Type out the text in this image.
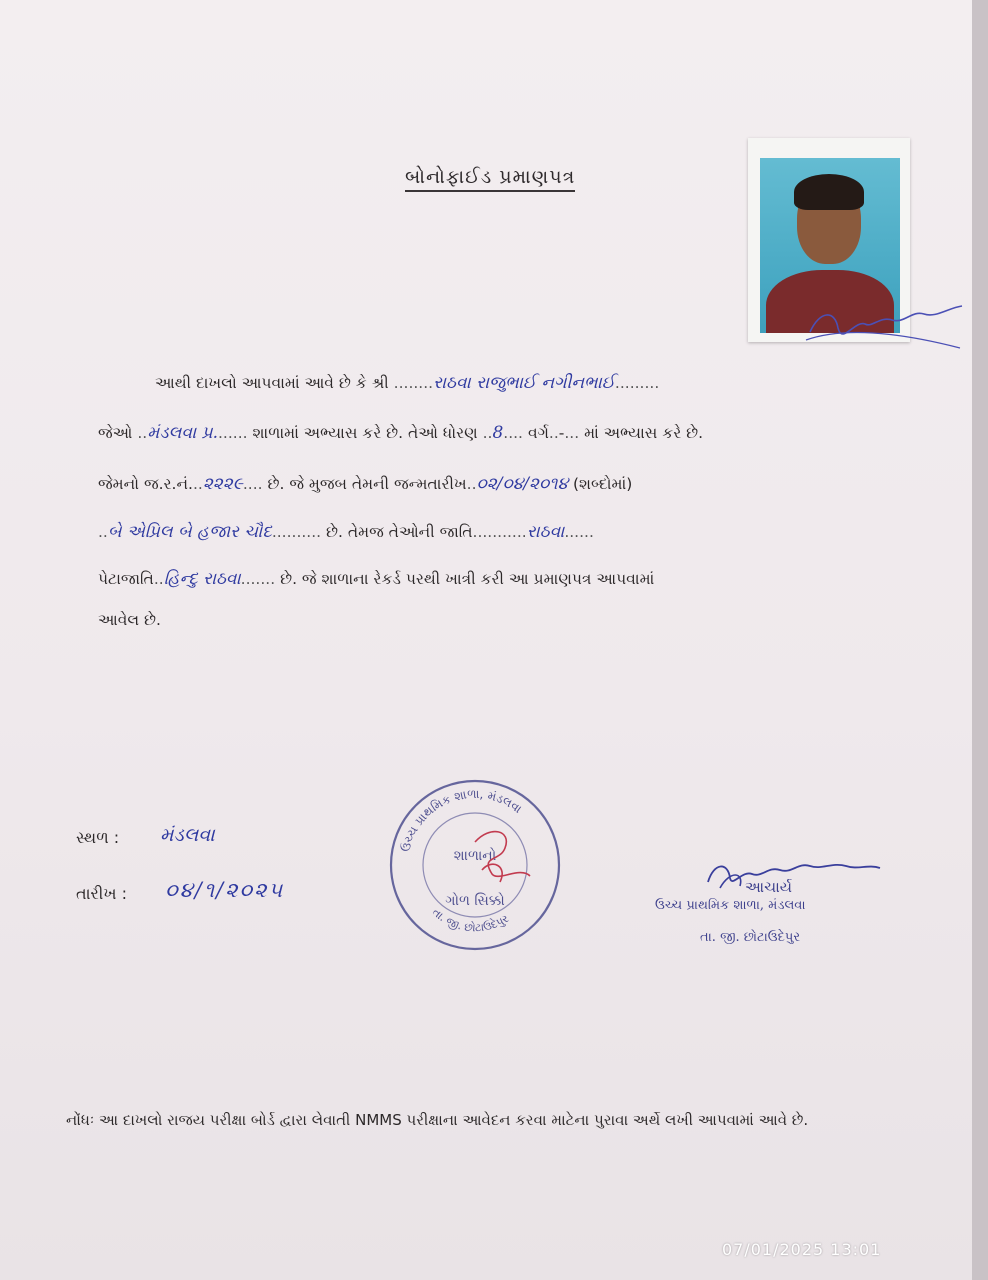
બોનોફાઈડ પ્રમાણપત્ર
આથી દાખલો આપવામાં આવે છે કે શ્રી ........રાઠવા રાજુભાઈ નગીનભાઈ.........
જેઓ ..મંડલવા પ્ર....... શાળામાં અભ્યાસ કરે છે. તેઓ ધોરણ ..8.... વર્ગ..-... માં અભ્યાસ કરે છે.
જેમનો જ.ર.નં...૨૨૨૯.... છે. જે મુજબ તેમની જન્મતારીખ..૦૨/૦૪/૨૦૧૪ (શબ્દોમાં)
..બે એપ્રિલ બે હજાર ચૌદ.......... છે. તેમજ તેઓની જાતિ...........રાઠવા......
પેટાજાતિ..હિન્દુ રાઠવા....... છે. જે શાળાના રેકર્ડ પરથી ખાત્રી કરી આ પ્રમાણપત્ર આપવામાં
આવેલ છે.
સ્થળ : મંડલવા
તારીખ : ૦૪/૧/૨૦૨૫
ઉચ્ચ પ્રાથમિક શાળા, મંડલવા
તા. જી. છોટાઉદેપુર
શાળાનો
ગોળ સિક્કો
આચાર્ય
ઉચ્ચ પ્રાથમિક શાળા, મંડલવા
તા. જી. છોટાઉદેપુર
નોંધઃ આ દાખલો રાજય પરીક્ષા બોર્ડ દ્વારા લેવાતી NMMS પરીક્ષાના આવેદન કરવા માટેના પુરાવા અર્થે લખી આપવામાં આવે છે.
07/01/2025 13:01
